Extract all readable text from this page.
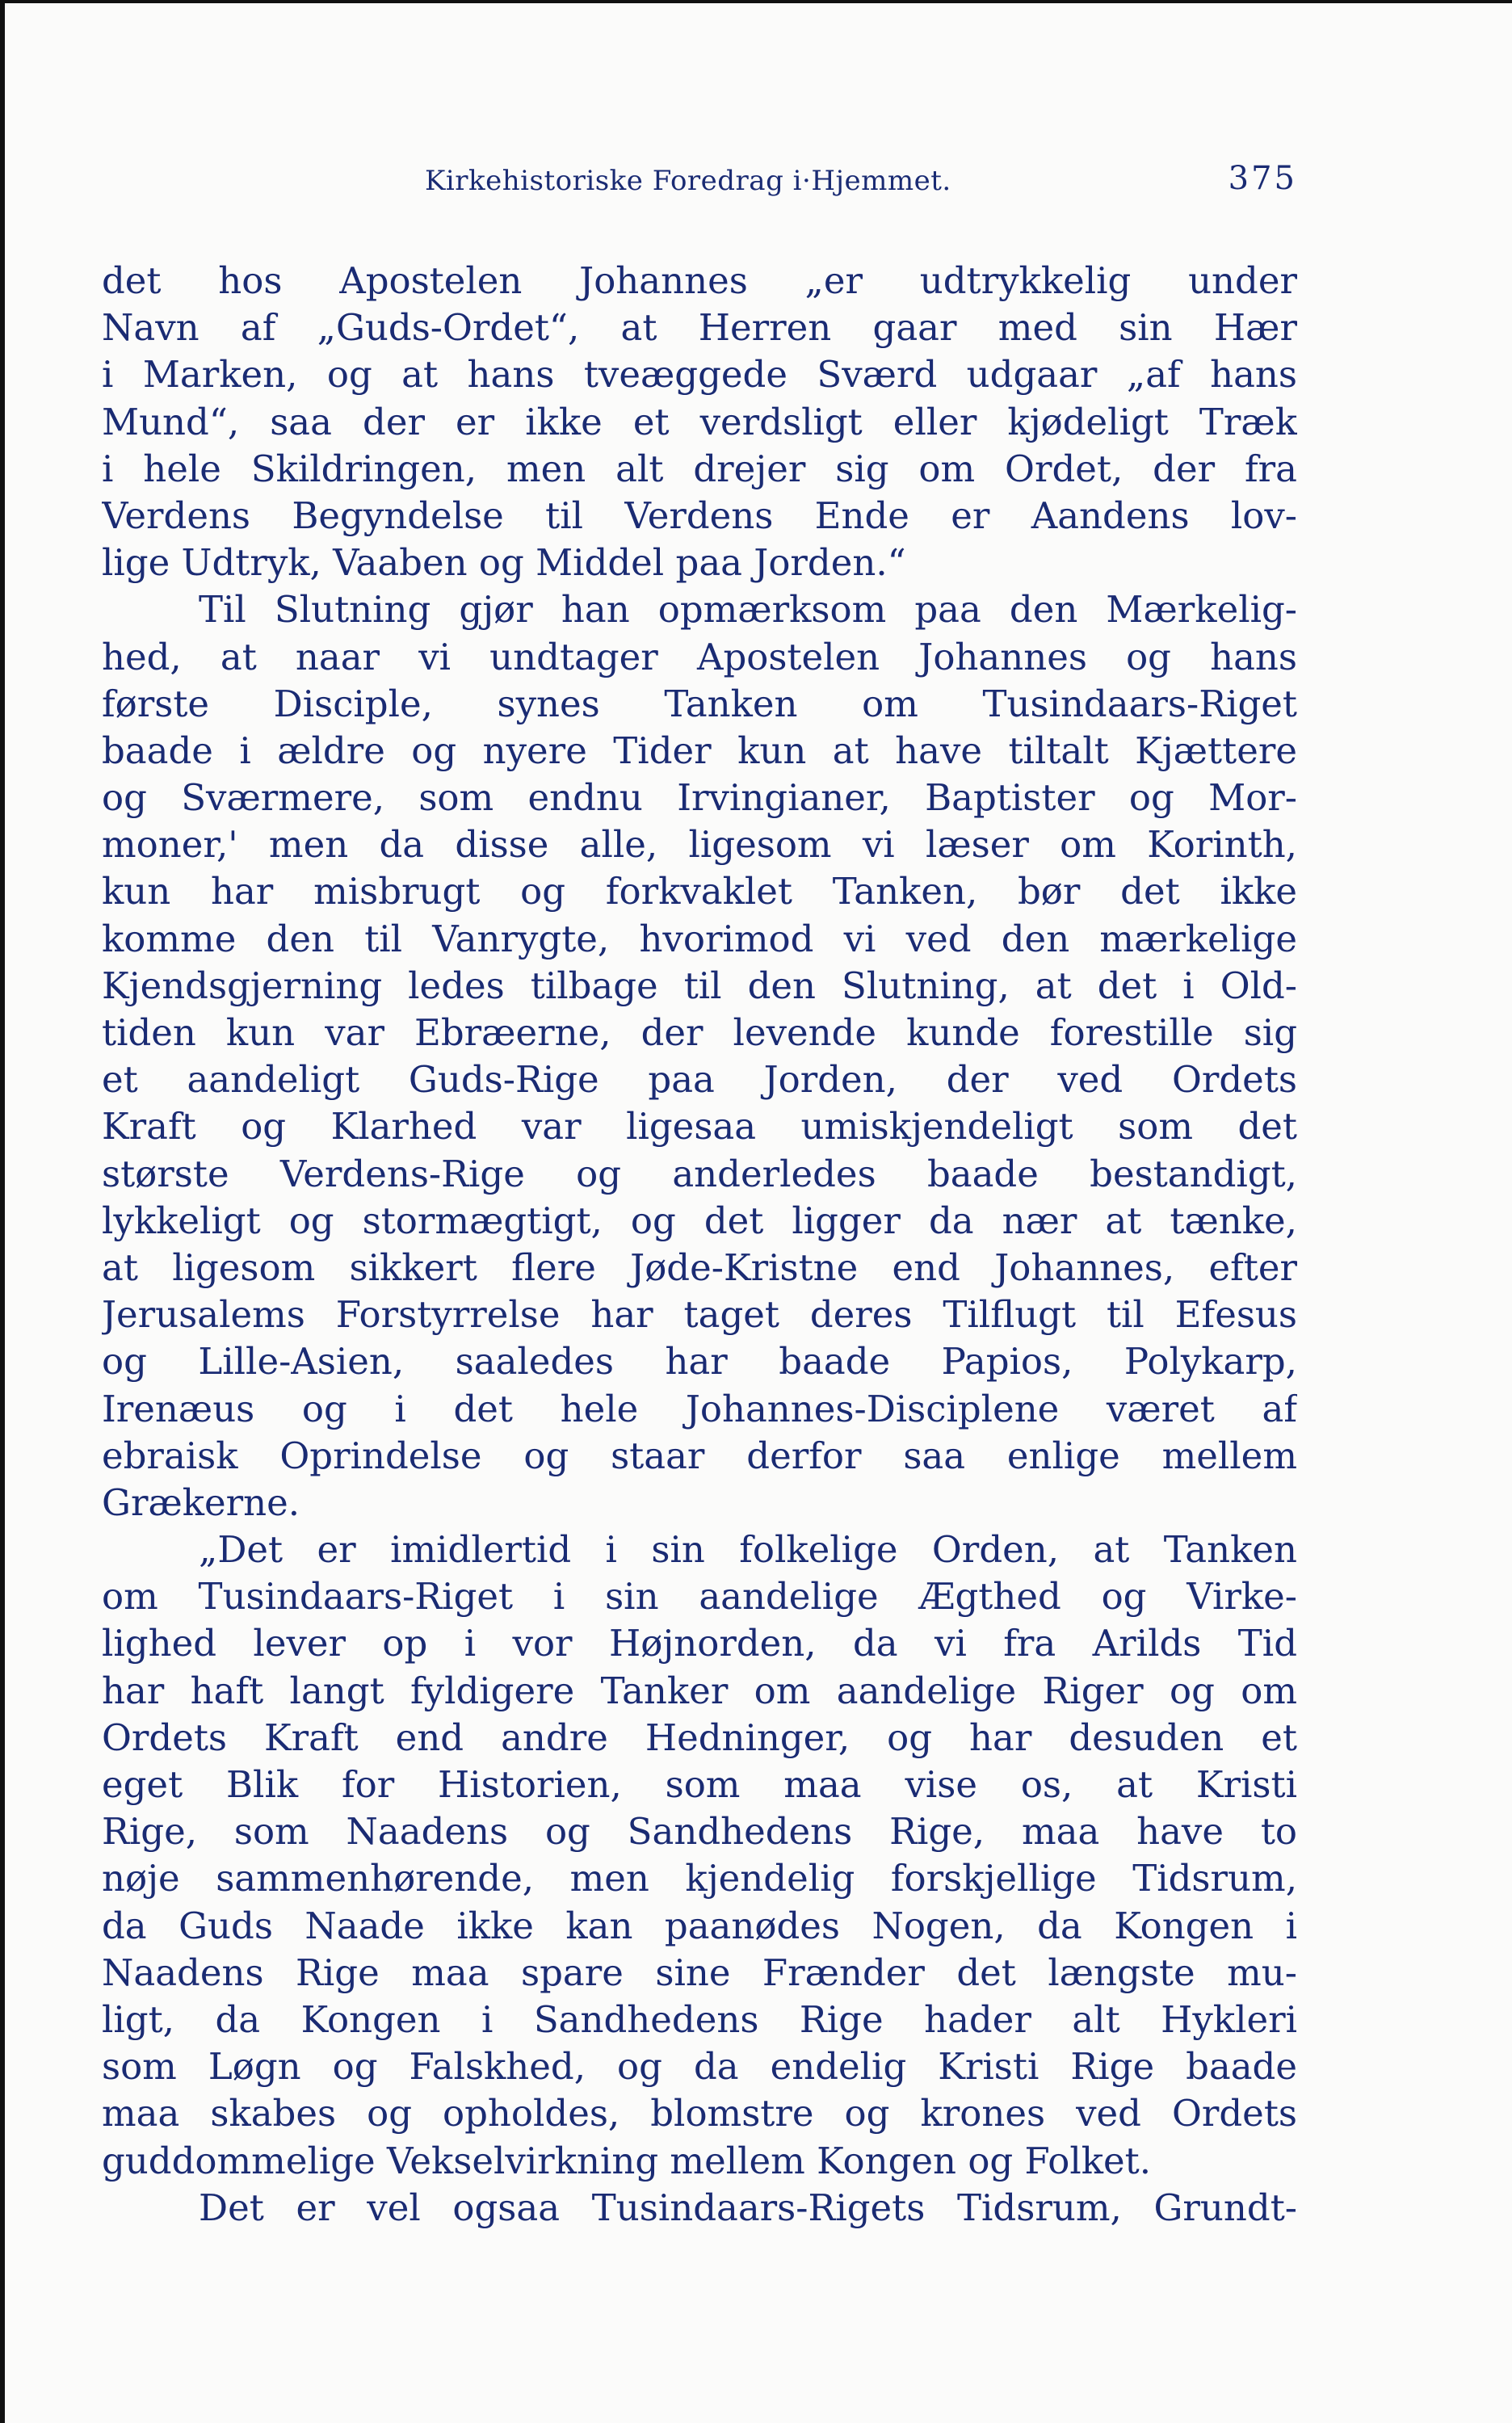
Kirkehistoriske Foredrag i·Hjemmet.	375
det hos Apostelen Johannes „er udtrykkelig under
Navn af „Guds-Ordet“, at Herren gaar med sin Hær
i Marken, og at hans tveæggede Sværd udgaar „af hans
Mund“, saa der er ikke et verdsligt eller kjødeligt Træk
i hele Skildringen, men alt drejer sig om Ordet, der fra
Verdens Begyndelse til Verdens Ende er Aandens lov-
lige Udtryk, Vaaben og Middel paa Jorden.“
Til Slutning gjør han opmærksom paa den Mærkelig-
hed, at naar vi undtager Apostelen Johannes og hans
første Disciple, synes Tanken om Tusindaars-Riget
baade i ældre og nyere Tider kun at have tiltalt Kjættere
og Sværmere, som endnu Irvingianer, Baptister og Mor-
moner,' men da disse alle, ligesom vi læser om Korinth,
kun har misbrugt og forkvaklet Tanken, bør det ikke
komme den til Vanrygte, hvorimod vi ved den mærkelige
Kjendsgjerning ledes tilbage til den Slutning, at det i Old-
tiden kun var Ebræerne, der levende kunde forestille sig
et aandeligt Guds-Rige paa Jorden, der ved Ordets
Kraft og Klarhed var ligesaa umiskjendeligt som det
største Verdens-Rige og anderledes baade bestandigt,
lykkeligt og stormægtigt, og det ligger da nær at tænke,
at ligesom sikkert flere Jøde-Kristne end Johannes, efter
Jerusalems Forstyrrelse har taget deres Tilflugt til Efesus
og Lille-Asien, saaledes har baade Papios, Polykarp,
Irenæus og i det hele Johannes-Disciplene været af
ebraisk Oprindelse og staar derfor saa enlige mellem
Grækerne.
„Det er imidlertid i sin folkelige Orden, at Tanken
om Tusindaars-Riget i sin aandelige Ægthed og Virke-
lighed lever op i vor Højnorden, da vi fra Arilds Tid
har haft langt fyldigere Tanker om aandelige Riger og om
Ordets Kraft end andre Hedninger, og har desuden et
eget Blik for Historien, som maa vise os, at Kristi
Rige, som Naadens og Sandhedens Rige, maa have to
nøje sammenhørende, men kjendelig forskjellige Tidsrum,
da Guds Naade ikke kan paanødes Nogen, da Kongen i
Naadens Rige maa spare sine Frænder det længste mu-
ligt, da Kongen i Sandhedens Rige hader alt Hykleri
som Løgn og Falskhed, og da endelig Kristi Rige baade
maa skabes og opholdes, blomstre og krones ved Ordets
guddommelige Vekselvirkning mellem Kongen og Folket.
Det er vel ogsaa Tusindaars-Rigets Tidsrum, Grundt-
